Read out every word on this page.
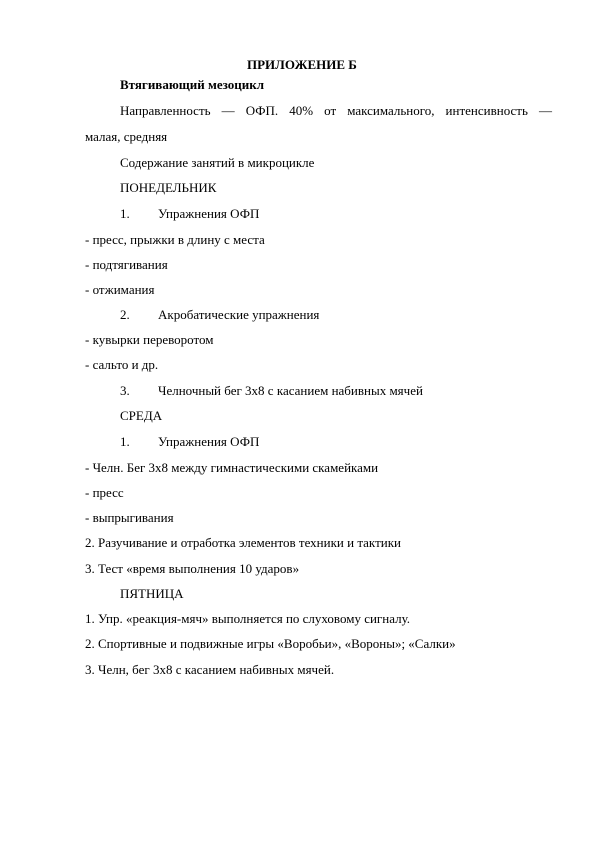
ПРИЛОЖЕНИЕ Б
Втягивающий мезоцикл
Направленность — ОФП. 40% от максимального, интенсивность —
малая, средняя
Содержание занятий в микроцикле
ПОНЕДЕЛЬНИК
1. Упражнения ОФП
- пресс, прыжки в длину с места
- подтягивания
- отжимания
2. Акробатические упражнения
- кувырки переворотом
- сальто и др.
3. Челночный бег 3х8 с касанием набивных мячей
СРЕДА
1. Упражнения ОФП
- Челн. Бег 3х8 между гимнастическими скамейками
- пресс
- выпрыгивания
2. Разучивание и отработка элементов техники и тактики
3. Тест «время выполнения 10 ударов»
ПЯТНИЦА
1. Упр. «реакция-мяч» выполняется по слуховому сигналу.
2. Спортивные и подвижные игры «Воробьи», «Вороны»; «Салки»
3. Челн, бег 3х8 с касанием набивных мячей.
